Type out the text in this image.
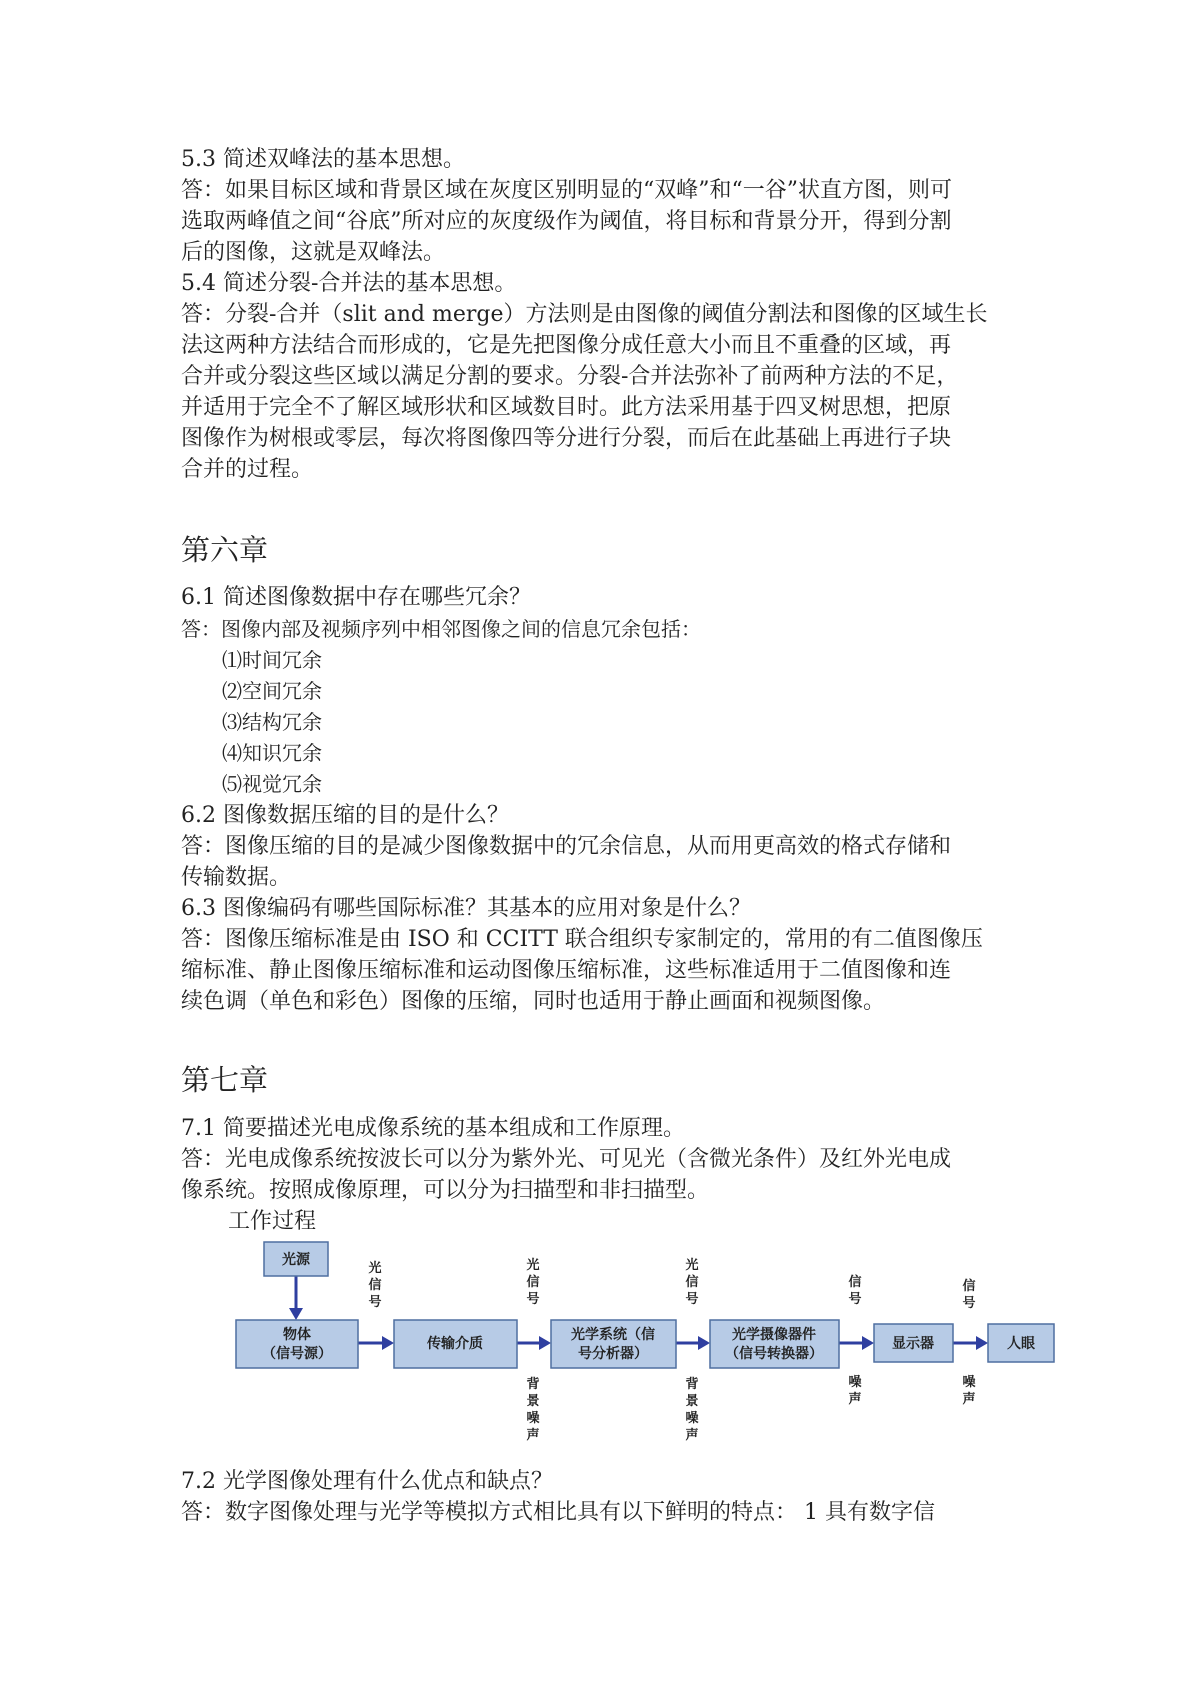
5.3 简述双峰法的基本思想。
答：如果目标区域和背景区域在灰度区别明显的“双峰”和“一谷”状直方图，则可
选取两峰值之间“谷底”所对应的灰度级作为阈值，将目标和背景分开，得到分割
后的图像，这就是双峰法。
5.4 简述分裂-合并法的基本思想。
答：分裂-合并（slit and merge）方法则是由图像的阈值分割法和图像的区域生长
法这两种方法结合而形成的，它是先把图像分成任意大小而且不重叠的区域，再
合并或分裂这些区域以满足分割的要求。分裂-合并法弥补了前两种方法的不足，
并适用于完全不了解区域形状和区域数目时。此方法采用基于四叉树思想，把原
图像作为树根或零层，每次将图像四等分进行分裂，而后在此基础上再进行子块
合并的过程。
第六章
6.1 简述图像数据中存在哪些冗余？
答：图像内部及视频序列中相邻图像之间的信息冗余包括：
⑴时间冗余
⑵空间冗余
⑶结构冗余
⑷知识冗余
⑸视觉冗余
6.2 图像数据压缩的目的是什么？
答：图像压缩的目的是减少图像数据中的冗余信息，从而用更高效的格式存储和
传输数据。
6.3 图像编码有哪些国际标准？其基本的应用对象是什么？
答：图像压缩标准是由 ISO 和 CCITT 联合组织专家制定的，常用的有二值图像压
缩标准、静止图像压缩标准和运动图像压缩标准，这些标准适用于二值图像和连
续色调（单色和彩色）图像的压缩，同时也适用于静止画面和视频图像。
第七章
7.1 简要描述光电成像系统的基本组成和工作原理。
答：光电成像系统按波长可以分为紫外光、可见光（含微光条件）及红外光电成
像系统。按照成像原理，可以分为扫描型和非扫描型。
工作过程
光源
物体
（信号源）
传输介质
光学系统（信
号分析器）
光学摄像器件
（信号转换器）
显示器	人眼
光
信
号
光
信
号
光
信
号
信
号
信
号
背
景
噪
声
背
景
噪
声
噪
声
噪
声
7.2 光学图像处理有什么优点和缺点？
答：数字图像处理与光学等模拟方式相比具有以下鲜明的特点： 1 具有数字信
